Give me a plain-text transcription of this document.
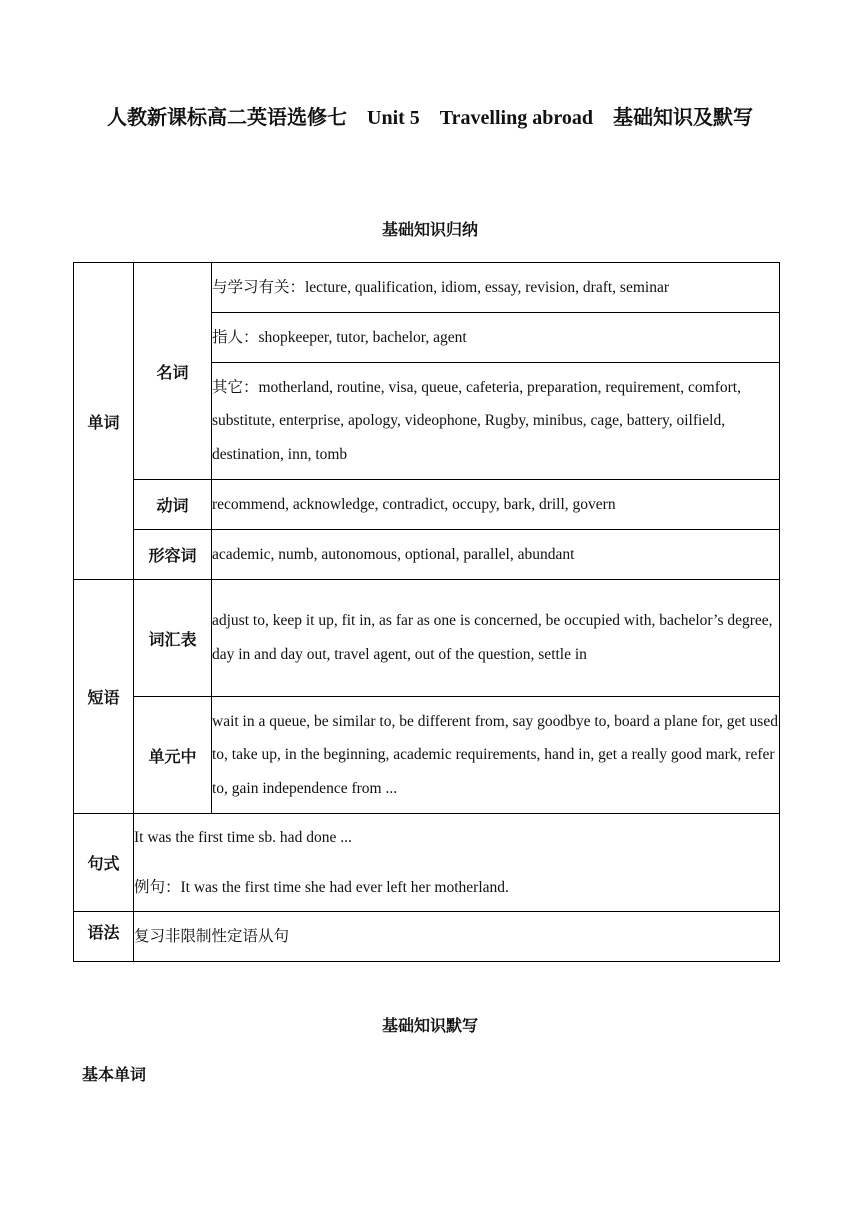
人教新课标高二英语选修七　Unit 5　Travelling abroad　基础知识及默写
基础知识归纳
单词	名词	与学习有关：lecture, qualification, idiom, essay, revision, draft, seminar
		指人：shopkeeper, tutor, bachelor, agent
		其它：motherland, routine, visa, queue, cafeteria, preparation, requirement, comfort, substitute, enterprise, apology, videophone, Rugby, minibus, cage, battery, oilfield, destination, inn, tomb
	动词	recommend, acknowledge, contradict, occupy, bark, drill, govern
	形容词	academic, numb, autonomous, optional, parallel, abundant
短语	词汇表	adjust to, keep it up, fit in, as far as one is concerned, be occupied with, bachelor’s degree, day in and day out, travel agent, out of the question, settle in
	单元中	wait in a queue, be similar to, be different from, say goodbye to, board a plane for, get used to, take up, in the beginning, academic requirements, hand in, get a really good mark, refer to, gain independence from ...
句式	It was the first time sb. had done ...
例句：It was the first time she had ever left her motherland.	

语法	复习非限制性定语从句	
基础知识默写
基本单词
